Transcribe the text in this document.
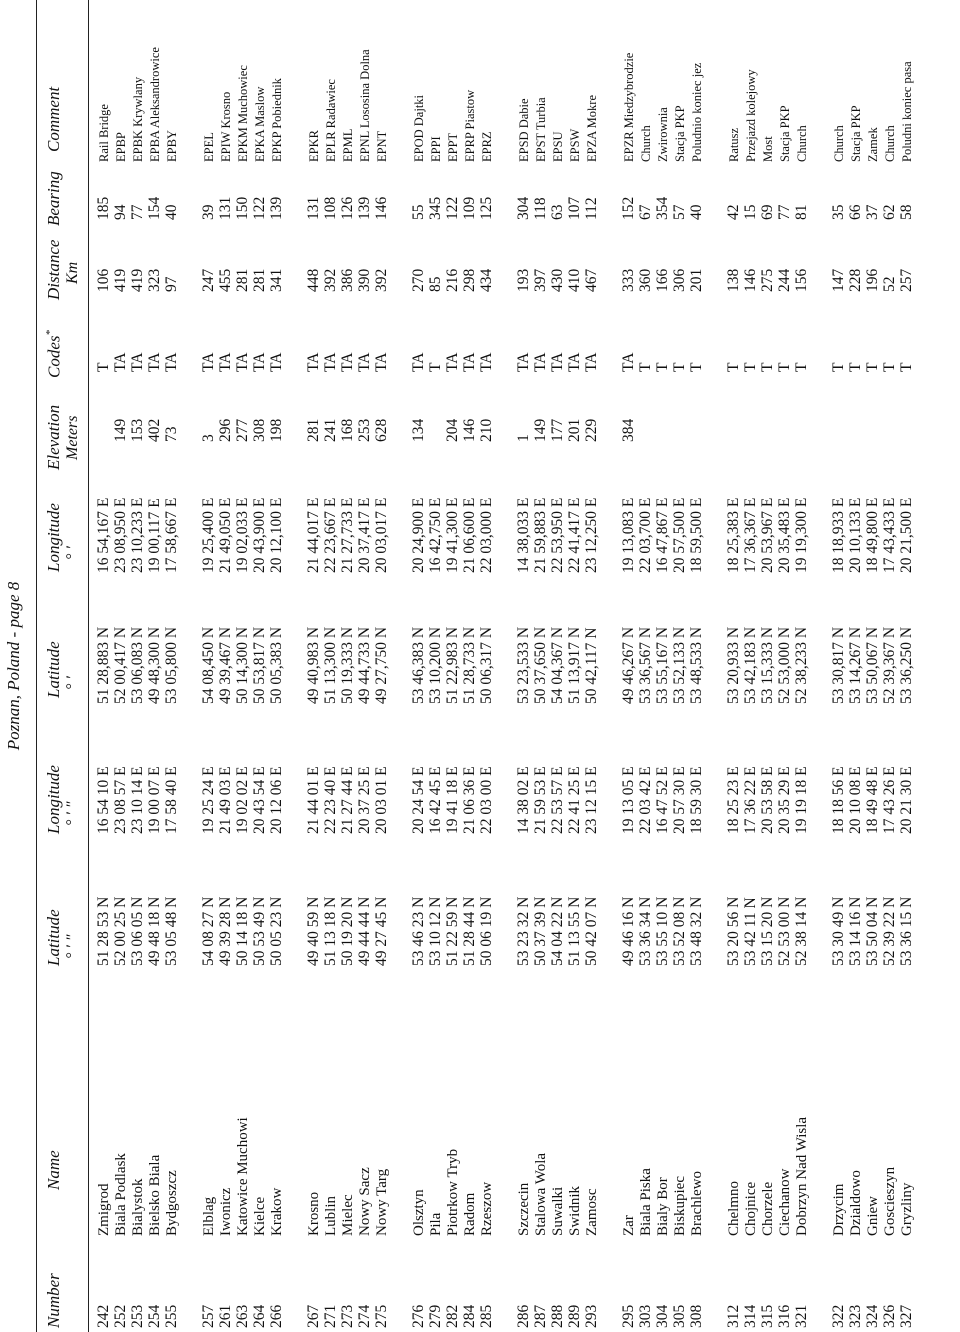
Poznan, Poland - page 8
Number
Name
Latitude ° ′ ″
Longitude ° ′ ″
Latitude ° ′
Longitude ° ′
Elevation Meters
Codes*
Distance Km
Bearing
Comment
242
Zmigrod
51 28 53 N
16 54 10 E
51 28,883 N
16 54,167 E
T
106
185
Rail Bridge
252
Biala Podlask
52 00 25 N
23 08 57 E
52 00,417 N
23 08,950 E
149
TA
419
94
EPBP
253
Bialystok
53 06 05 N
23 10 14 E
53 06,083 N
23 10,233 E
153
TA
419
77
EPBK Krywlany
254
Bielsko Biala
49 48 18 N
19 00 07 E
49 48,300 N
19 00,117 E
402
TA
323
154
EPBA Aleksandrowice
255
Bydgoszcz
53 05 48 N
17 58 40 E
53 05,800 N
17 58,667 E
73
TA
97
40
EPBY
257
Elblag
54 08 27 N
19 25 24 E
54 08,450 N
19 25,400 E
3
TA
247
39
EPEL
261
Iwonicz
49 39 28 N
21 49 03 E
49 39,467 N
21 49,050 E
296
TA
455
131
EPIW Krosno
263
Katowice Muchowi
50 14 18 N
19 02 02 E
50 14,300 N
19 02,033 E
277
TA
281
150
EPKM Muchowiec
264
Kielce
50 53 49 N
20 43 54 E
50 53,817 N
20 43,900 E
308
TA
281
122
EPKA Maslow
266
Krakow
50 05 23 N
20 12 06 E
50 05,383 N
20 12,100 E
198
TA
341
139
EPKP Pobiednik
267
Krosno
49 40 59 N
21 44 01 E
49 40,983 N
21 44,017 E
281
TA
448
131
EPKR
271
Lublin
51 13 18 N
22 23 40 E
51 13,300 N
22 23,667 E
241
TA
392
108
EPLR Radawiec
273
Mielec
50 19 20 N
21 27 44 E
50 19,333 N
21 27,733 E
168
TA
386
126
EPML
274
Nowy Sacz
49 44 44 N
20 37 25 E
49 44,733 N
20 37,417 E
253
TA
390
139
EPNL Lososina Dolna
275
Nowy Targ
49 27 45 N
20 03 01 E
49 27,750 N
20 03,017 E
628
TA
392
146
EPNT
276
Olsztyn
53 46 23 N
20 24 54 E
53 46,383 N
20 24,900 E
134
TA
270
55
EPOD Dajtki
279
Pila
53 10 12 N
16 42 45 E
53 10,200 N
16 42,750 E
T
85
345
EPPI
282
Piotrkow Tryb
51 22 59 N
19 41 18 E
51 22,983 N
19 41,300 E
204
TA
216
122
EPPT
284
Radom
51 28 44 N
21 06 36 E
51 28,733 N
21 06,600 E
146
TA
298
109
EPRP Piastow
285
Rzeszow
50 06 19 N
22 03 00 E
50 06,317 N
22 03,000 E
210
TA
434
125
EPRZ
286
Szczecin
53 23 32 N
14 38 02 E
53 23,533 N
14 38,033 E
1
TA
193
304
EPSD Dabie
287
Stalowa Wola
50 37 39 N
21 59 53 E
50 37,650 N
21 59,883 E
149
TA
397
118
EPST Turbia
288
Suwalki
54 04 22 N
22 53 57 E
54 04,367 N
22 53,950 E
177
TA
430
63
EPSU
289
Swidnik
51 13 55 N
22 41 25 E
51 13,917 N
22 41,417 E
201
TA
410
107
EPSW
293
Zamosc
50 42 07 N
23 12 15 E
50 42,117 N
23 12,250 E
229
TA
467
112
EPZA Mokre
295
Zar
49 46 16 N
19 13 05 E
49 46,267 N
19 13,083 E
384
TA
333
152
EPZR Miedzybrodzie
303
Biala Piska
53 36 34 N
22 03 42 E
53 36,567 N
22 03,700 E
T
360
67
Church
304
Bialy Bor
53 55 10 N
16 47 52 E
53 55,167 N
16 47,867 E
T
166
354
Zwirownia
305
Biskupiec
53 52 08 N
20 57 30 E
53 52,133 N
20 57,500 E
T
306
57
Stacja PKP
308
Brachlewo
53 48 32 N
18 59 30 E
53 48,533 N
18 59,500 E
T
201
40
Poludnio koniec jez
312
Chelmno
53 20 56 N
18 25 23 E
53 20,933 N
18 25,383 E
T
138
42
Ratusz
314
Chojnice
53 42 11 N
17 36 22 E
53 42,183 N
17 36,367 E
T
146
15
Przejazd kolejowy
315
Chorzele
53 15 20 N
20 53 58 E
53 15,333 N
20 53,967 E
T
275
69
Most
316
Ciechanow
52 53 00 N
20 35 29 E
52 53,000 N
20 35,483 E
T
244
77
Stacja PKP
321
Dobrzyn Nad Wisla
52 38 14 N
19 19 18 E
52 38,233 N
19 19,300 E
T
156
81
Church
322
Drzycim
53 30 49 N
18 18 56 E
53 30,817 N
18 18,933 E
T
147
35
Church
323
Dzialdowo
53 14 16 N
20 10 08 E
53 14,267 N
20 10,133 E
T
228
66
Stacja PKP
324
Gniew
53 50 04 N
18 49 48 E
53 50,067 N
18 49,800 E
T
196
37
Zamek
326
Goscieszyn
52 39 22 N
17 43 26 E
52 39,367 N
17 43,433 E
T
52
62
Church
327
Gryzliny
53 36 15 N
20 21 30 E
53 36,250 N
20 21,500 E
T
257
58
Poludni koniec pasa
